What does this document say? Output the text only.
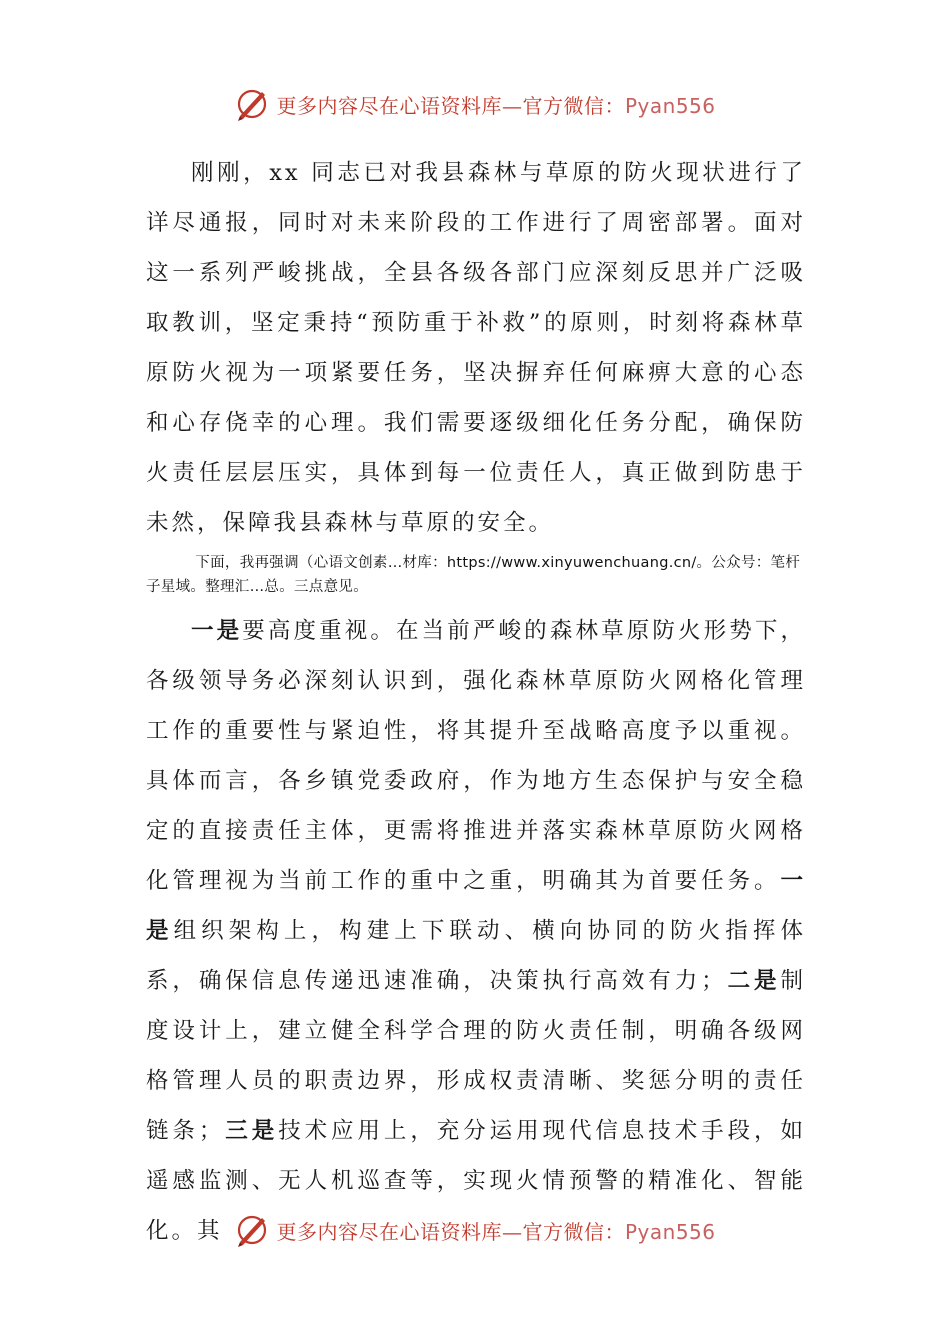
更多内容尽在心语资料库—官方微信：Pyan556

刚刚，xx 同志已对我县森林与草原的防火现状进行了详尽通报，同时对未来阶段的工作进行了周密部署。面对这一系列严峻挑战，全县各级各部门应深刻反思并广泛吸取教训，坚定秉持“预防重于补救”的原则，时刻将森林草原防火视为一项紧要任务，坚决摒弃任何麻痹大意的心态和心存侥幸的心理。我们需要逐级细化任务分配，确保防火责任层层压实，具体到每一位责任人，真正做到防患于未然，保障我县森林与草原的安全。

下面，我再强调（心语文创素…材库：https://www.xinyuwenchuang.cn/。公众号：笔杆子星域。整理汇…总。三点意见。

一是要高度重视。在当前严峻的森林草原防火形势下，各级领导务必深刻认识到，强化森林草原防火网格化管理工作的重要性与紧迫性，将其提升至战略高度予以重视。具体而言，各乡镇党委政府，作为地方生态保护与安全稳定的直接责任主体，更需将推进并落实森林草原防火网格化管理视为当前工作的重中之重，明确其为首要任务。一是组织架构上，构建上下联动、横向协同的防火指挥体系，确保信息传递迅速准确，决策执行高效有力；二是制度设计上，建立健全科学合理的防火责任制，明确各级网格管理人员的职责边界，形成权责清晰、奖惩分明的责任链条；三是技术应用上，充分运用现代信息技术手段，如遥感监测、无人机巡查等，实现火情预警的精准化、智能化。其	更多内容尽在心语资料库—官方微信：Pyan556
